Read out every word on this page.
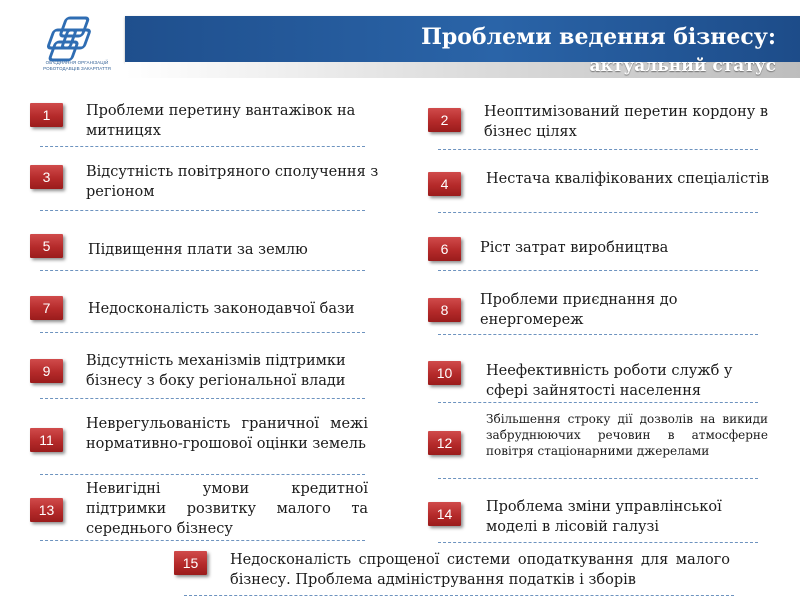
ОБ'ЄДНАННЯ ОРГАНІЗАЦІЙ РОБОТОДАВЦІВ ЗАКАРПАТТЯ
Проблеми ведення бізнесу:
актуальний статус
1	Проблеми перетину вантажівок на митницях
2	Неоптимізований перетин кордону в бізнес цілях
3	Відсутність повітряного сполучення з регіоном	4	Нестача кваліфікованих спеціалістів
5	Підвищення плати за землю	6	Ріст затрат виробництва
7	Недосконалість законодавчої бази	8
Проблеми приєднання до енергомереж
9
Відсутність механізмів підтримки бізнесу з боку регіональної влади	10	Неефективність роботи служб у сфері зайнятості населення
11
Неврегульованість граничної межі нормативно-грошової оцінки земель	12
Збільшення строку дії дозволів на викиди забруднюючих речовин в атмосферне повітря стаціонарними джерелами
13
Невигідні умови кредитної підтримки розвитку малого та середнього бізнесу
14	Проблема зміни управлінської моделі в лісовій галузі
15	Недосконалість спрощеної системи оподаткування для малого бізнесу. Проблема адміністрування податків і зборів
